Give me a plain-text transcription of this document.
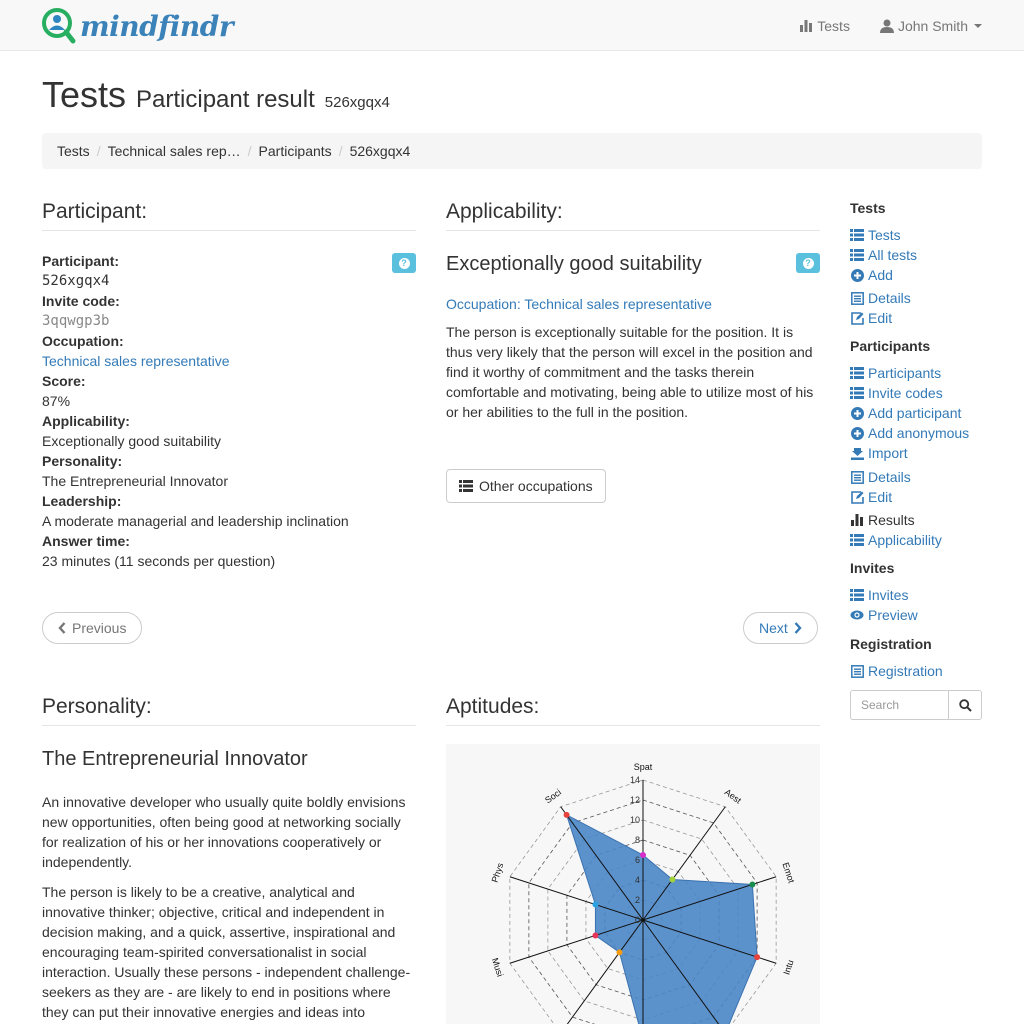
mindfindr	Tests	John Smith
Tests Participant result 526xgqx4
Tests / Technical sales rep… / Participants / 526xgqx4
Participant:
?
Participant:
526xgqx4
Invite code:
3qqwgp3b
Occupation:
Technical sales representative
Score:
87%
Applicability:
Exceptionally good suitability
Personality:
The Entrepreneurial Innovator
Leadership:
A moderate managerial and leadership inclination
Answer time:
23 minutes (11 seconds per question)
Previous
Applicability:
?
Exceptionally good suitability
Occupation: Technical sales representative

The person is exceptionally suitable for the position. It is thus very likely that the person will excel in the position and find it worthy of commitment and the tasks therein comfortable and motivating, being able to utilize most of his or her abilities to the full in the position.

Other occupations
Next
Personality:
The Entrepreneurial Innovator

An innovative developer who usually quite boldly envisions new opportunities, often being good at networking socially for realization of his or her innovations cooperatively or independently.

The person is likely to be a creative, analytical and innovative thinker; objective, critical and independent in decision making, and a quick, assertive, inspirational and encouraging team-spirited conversationalist in social interaction. Usually these persons - independent challenge-seekers as they are - are likely to end in positions where they can put their innovative energies and ideas into

Aptitudes:
0
2
4
6
8
10
12
14
Spat
Aest
Emot
Intu
Musi
Phys
Soci
Tests
Tests
All tests
Add
Details
Edit
Participants
Participants
Invite codes
Add participant
Add anonymous
Import
Details
Edit
Results
Applicability
Invites
Invites
Preview
Registration
Registration
Search
